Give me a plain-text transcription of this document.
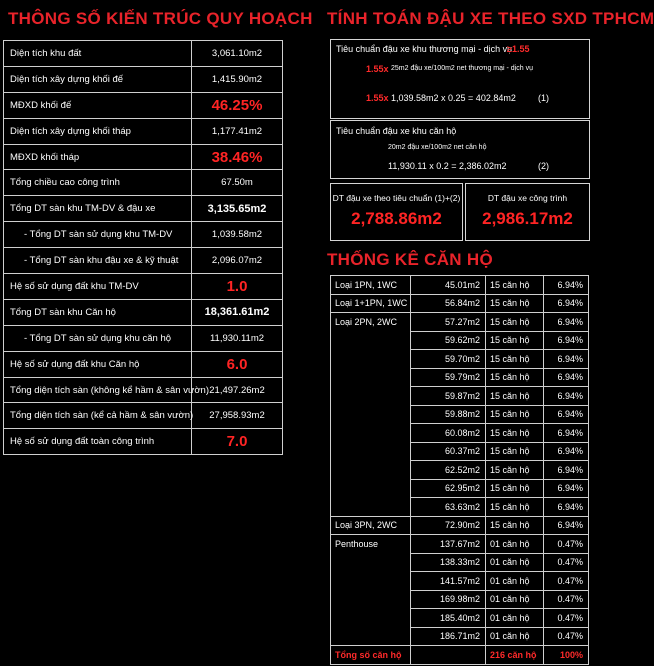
THÔNG SỐ KIẾN TRÚC QUY HOẠCH
Diện tích khu đất	3,061.10m2
Diện tích xây dựng khối đế	1,415.90m2
MĐXD khối đế	46.25%
Diện tích xây dựng khối tháp	1,177.41m2
MĐXD khối tháp	38.46%
Tổng chiều cao công trình	67.50m
Tổng DT sàn khu TM-DV & đậu xe	3,135.65m2
- Tổng DT sàn sử dụng khu TM-DV	1,039.58m2
- Tổng DT sàn khu đậu xe & kỹ thuật	2,096.07m2
Hệ số sử dụng đất khu TM-DV	1.0
Tổng DT sàn khu Căn hộ	18,361.61m2
- Tổng DT sàn sử dụng khu căn hộ	11,930.11m2
Hệ số sử dụng đất khu Căn hộ	6.0
Tổng diện tích sàn (không kể hầm & sân vườn)	21,497.26m2
Tổng diện tích sàn (kể cả hầm & sân vườn)	27,958.93m2
Hệ số sử dụng đất toàn công trình	7.0
TÍNH TOÁN ĐẬU XE THEO SXD TPHCM
Tiêu chuẩn đậu xe khu thương mại - dịch vụ
≥1.55
1.55x 25m2 đậu xe/100m2 net thương mại - dịch vụ
1.55x 1,039.58m2 x 0.25 = 402.84m2 (1)
Tiêu chuẩn đậu xe khu căn hộ
20m2 đậu xe/100m2 net căn hộ
11,930.11 x 0.2 = 2,386.02m2	(2)
DT đậu xe theo tiêu chuẩn (1)+(2)
2,788.86m2
DT đậu xe công trình
2,986.17m2
THỐNG KÊ CĂN HỘ
Loại 1PN, 1WC	45.01m2	15 căn hộ	6.94%
Loại 1+1PN, 1WC	56.84m2	15 căn hộ	6.94%
Loại 2PN, 2WC	57.27m2	15 căn hộ	6.94%
	59.62m2	15 căn hộ	6.94%
	59.70m2	15 căn hộ	6.94%
	59.79m2	15 căn hộ	6.94%
	59.87m2	15 căn hộ	6.94%
	59.88m2	15 căn hộ	6.94%
	60.08m2	15 căn hộ	6.94%
	60.37m2	15 căn hộ	6.94%
	62.52m2	15 căn hộ	6.94%
	62.95m2	15 căn hộ	6.94%
	63.63m2	15 căn hộ	6.94%
Loại 3PN, 2WC	72.90m2	15 căn hộ	6.94%
Penthouse	137.67m2	01 căn hộ	0.47%
	138.33m2	01 căn hộ	0.47%
	141.57m2	01 căn hộ	0.47%
	169.98m2	01 căn hộ	0.47%
	185.40m2	01 căn hộ	0.47%
	186.71m2	01 căn hộ	0.47%
Tổng số căn hộ		216 căn hộ	100%
